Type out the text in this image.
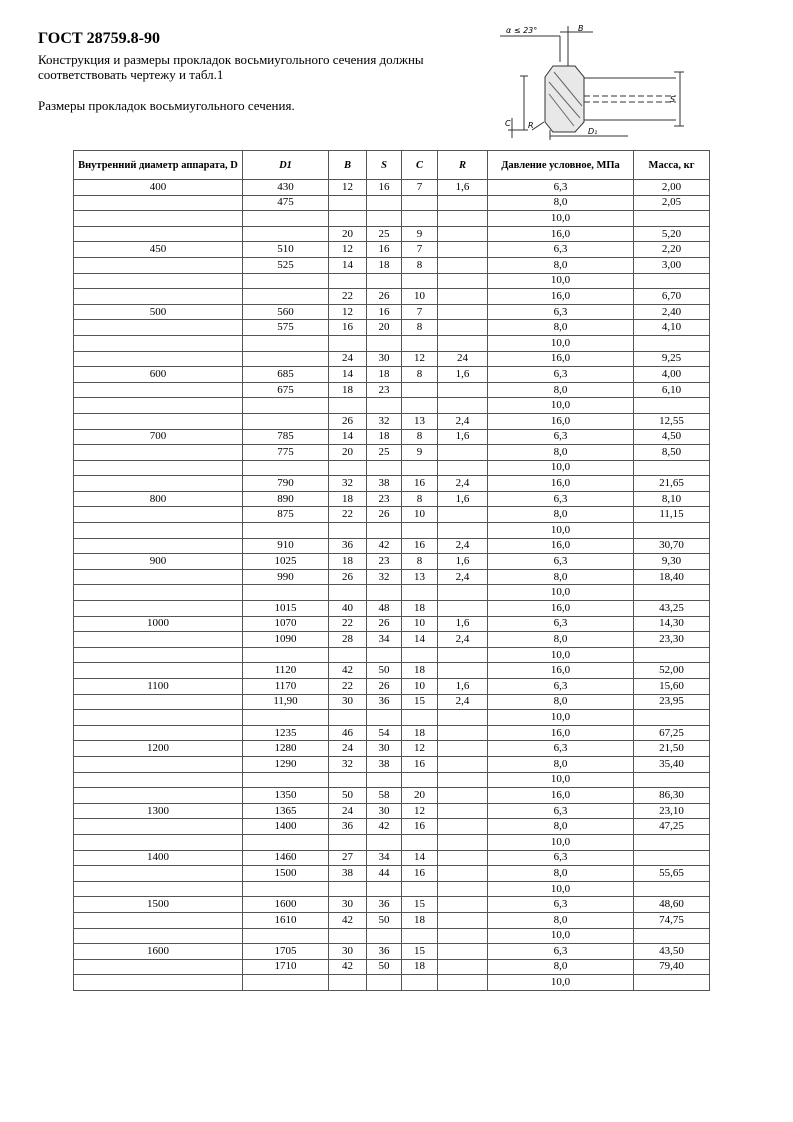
ГОСТ 28759.8-90
Конструкция и размеры прокладок восьмиугольного сечения должны соответствовать чертежу и табл.1
Размеры прокладок восьмиугольного сечения.
α ≤ 23°	B
S
C R
D₁
Внутренний диаметр аппарата, D	D1	B	S	C	R	Давление условное, МПа	Масса, кг
400	430	12	16	7	1,6	6,3	2,00
	475					8,0	2,05
						10,0	
		20	25	9		16,0	5,20
450	510	12	16	7		6,3	2,20
	525	14	18	8		8,0	3,00
						10,0	
		22	26	10		16,0	6,70
500	560	12	16	7		6,3	2,40
	575	16	20	8		8,0	4,10
						10,0	
		24	30	12	24	16,0	9,25
600	685	14	18	8	1,6	6,3	4,00
	675	18	23			8,0	6,10
						10,0	
		26	32	13	2,4	16,0	12,55
700	785	14	18	8	1,6	6,3	4,50
	775	20	25	9		8,0	8,50
						10,0	
	790	32	38	16	2,4	16,0	21,65
800	890	18	23	8	1,6	6,3	8,10
	875	22	26	10		8,0	11,15
						10,0	
	910	36	42	16	2,4	16,0	30,70
900	1025	18	23	8	1,6	6,3	9,30
	990	26	32	13	2,4	8,0	18,40
						10,0	
	1015	40	48	18		16,0	43,25
1000	1070	22	26	10	1,6	6,3	14,30
	1090	28	34	14	2,4	8,0	23,30
						10,0	
	1120	42	50	18		16,0	52,00
1100	1170	22	26	10	1,6	6,3	15,60
	11,90	30	36	15	2,4	8,0	23,95
						10,0	
	1235	46	54	18		16,0	67,25
1200	1280	24	30	12		6,3	21,50
	1290	32	38	16		8,0	35,40
						10,0	
	1350	50	58	20		16,0	86,30
1300	1365	24	30	12		6,3	23,10
	1400	36	42	16		8,0	47,25
						10,0	
1400	1460	27	34	14		6,3	
	1500	38	44	16		8,0	55,65
						10,0	
1500	1600	30	36	15		6,3	48,60
	1610	42	50	18		8,0	74,75
						10,0	
1600	1705	30	36	15		6,3	43,50
	1710	42	50	18		8,0	79,40
						10,0	
